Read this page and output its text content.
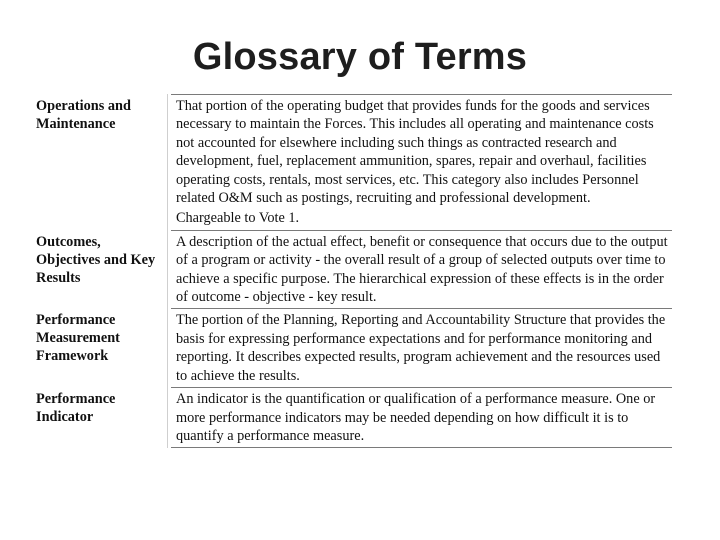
Glossary of Terms
Operations and Maintenance
That portion of the operating budget that provides funds for the goods and services necessary to maintain the Forces. This includes all operating and maintenance costs not accounted for elsewhere including such things as contracted research and development, fuel, replacement ammunition, spares, repair and overhaul, facilities operating costs, rentals, most services, etc. This category also includes Personnel related O&M such as postings, recruiting and professional development.
Chargeable to Vote 1.
Outcomes, Objectives and Key Results
A description of the actual effect, benefit or consequence that occurs due to the output of a program or activity - the overall result of a group of selected outputs over time to achieve a specific purpose. The hierarchical expression of these effects is in the order of outcome - objective - key result.
Performance Measurement Framework
The portion of the Planning, Reporting and Accountability Structure that provides the basis for expressing performance expectations and for performance monitoring and reporting. It describes expected results, program achievement and the resources used to achieve the results.
Performance Indicator
An indicator is the quantification or qualification of a performance measure. One or more performance indicators may be needed depending on how difficult it is to quantify a performance measure.
